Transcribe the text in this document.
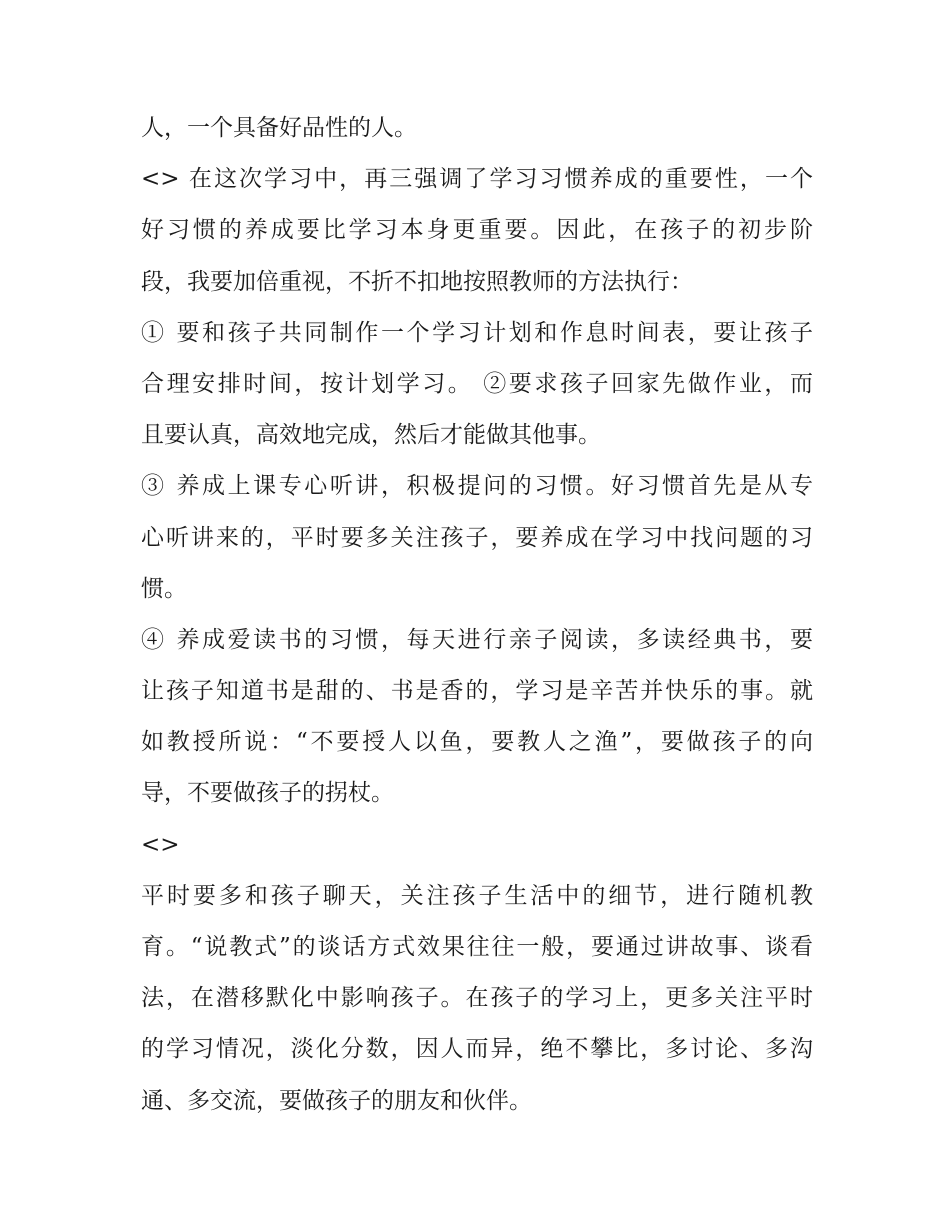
人，一个具备好品性的人。
<> 在这次学习中，再三强调了学习习惯养成的重要性，一个
好习惯的养成要比学习本身更重要。因此，在孩子的初步阶
段，我要加倍重视，不折不扣地按照教师的方法执行：
① 要和孩子共同制作一个学习计划和作息时间表，要让孩子
合理安排时间，按计划学习。 ②要求孩子回家先做作业，而
且要认真，高效地完成，然后才能做其他事。
③ 养成上课专心听讲，积极提问的习惯。好习惯首先是从专
心听讲来的，平时要多关注孩子，要养成在学习中找问题的习
惯。
④ 养成爱读书的习惯，每天进行亲子阅读，多读经典书，要
让孩子知道书是甜的、书是香的，学习是辛苦并快乐的事。就
如教授所说：“不要授人以鱼，要教人之渔”，要做孩子的向
导，不要做孩子的拐杖。
<>
平时要多和孩子聊天，关注孩子生活中的细节，进行随机教
育。“说教式”的谈话方式效果往往一般，要通过讲故事、谈看
法，在潜移默化中影响孩子。在孩子的学习上，更多关注平时
的学习情况，淡化分数，因人而异，绝不攀比，多讨论、多沟
通、多交流，要做孩子的朋友和伙伴。
